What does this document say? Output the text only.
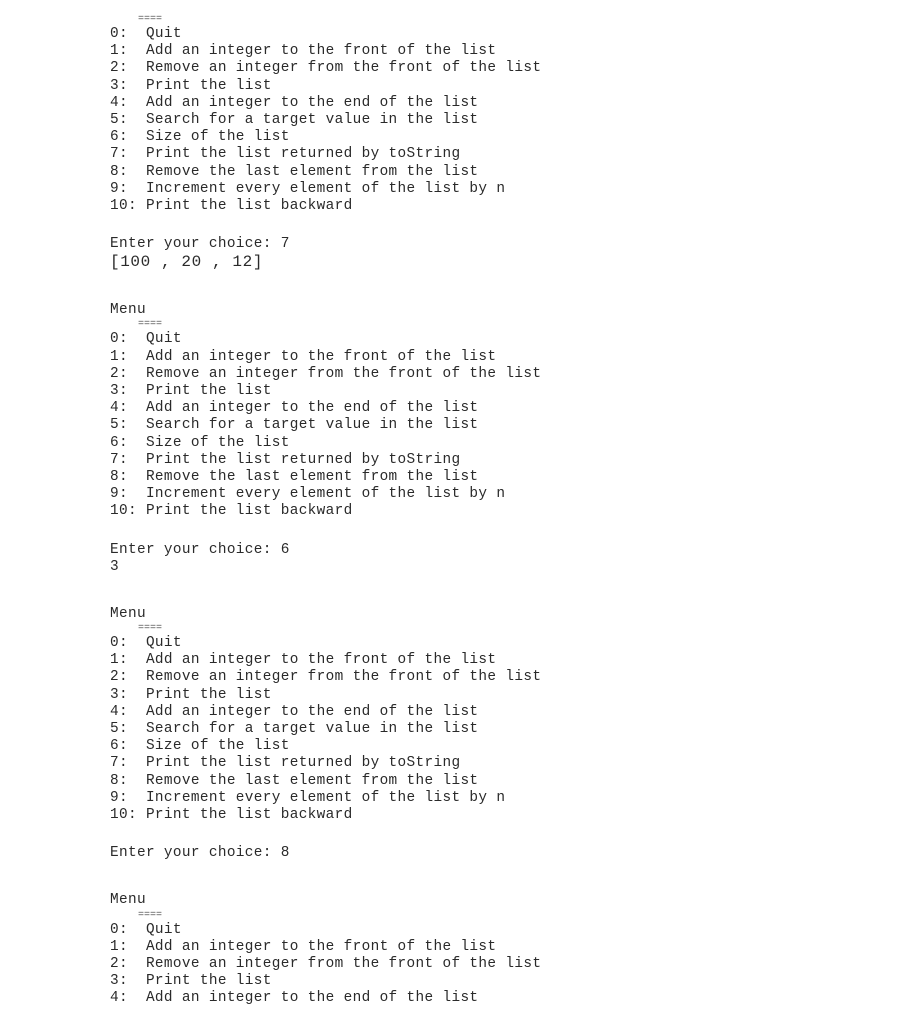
====
0:  Quit
1:  Add an integer to the front of the list
2:  Remove an integer from the front of the list
3:  Print the list
4:  Add an integer to the end of the list
5:  Search for a target value in the list
6:  Size of the list
7:  Print the list returned by toString
8:  Remove the last element from the list
9:  Increment every element of the list by n
10: Print the list backward
Enter your choice: 7
[100 , 20 , 12]
Menu
====
0:  Quit
1:  Add an integer to the front of the list
2:  Remove an integer from the front of the list
3:  Print the list
4:  Add an integer to the end of the list
5:  Search for a target value in the list
6:  Size of the list
7:  Print the list returned by toString
8:  Remove the last element from the list
9:  Increment every element of the list by n
10: Print the list backward
Enter your choice: 6
3
Menu
====
0:  Quit
1:  Add an integer to the front of the list
2:  Remove an integer from the front of the list
3:  Print the list
4:  Add an integer to the end of the list
5:  Search for a target value in the list
6:  Size of the list
7:  Print the list returned by toString
8:  Remove the last element from the list
9:  Increment every element of the list by n
10: Print the list backward
Enter your choice: 8
Menu
====
0:  Quit
1:  Add an integer to the front of the list
2:  Remove an integer from the front of the list
3:  Print the list
4:  Add an integer to the end of the list
